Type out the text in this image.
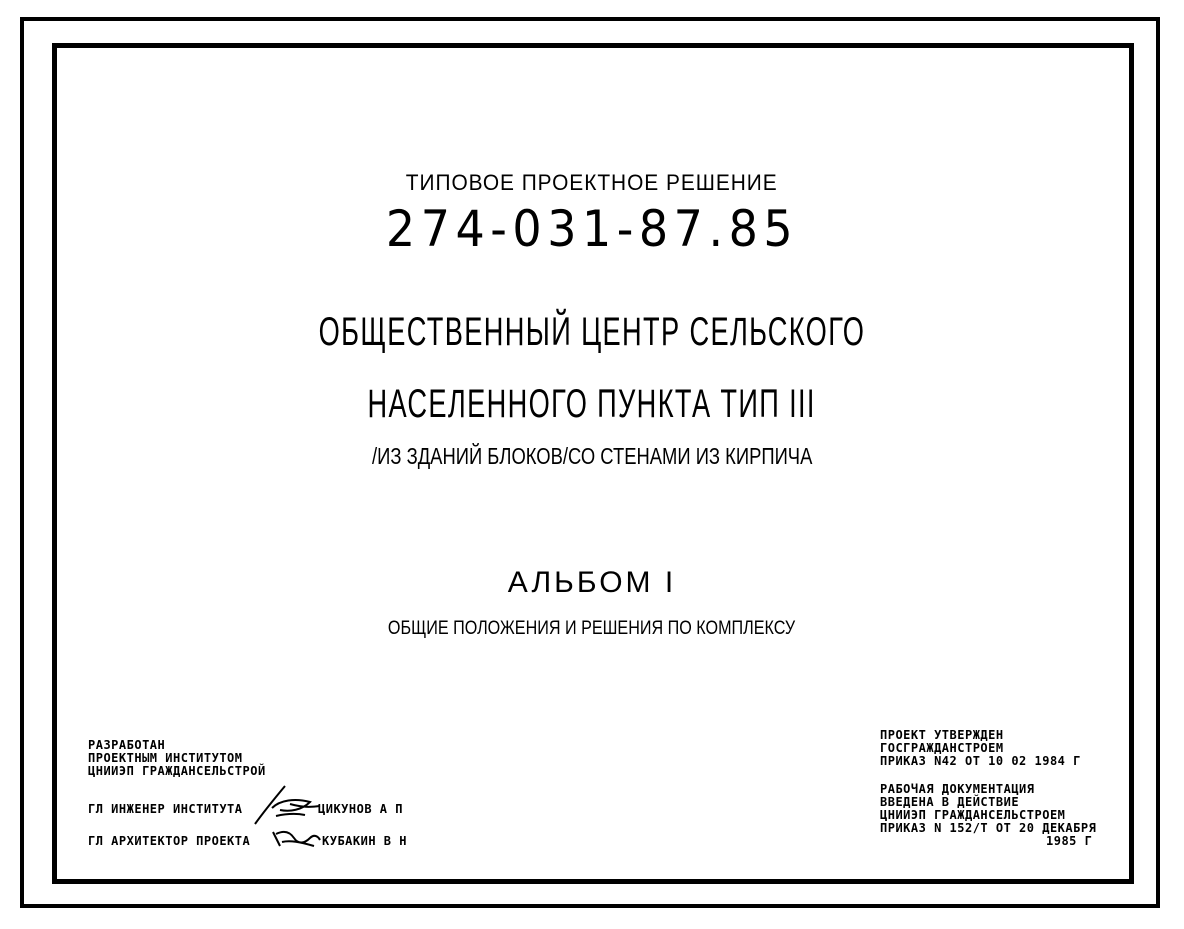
ТИПОВОЕ ПРОЕКТНОЕ РЕШЕНИЕ
274-031-87.85
ОБЩЕСТВЕННЫЙ ЦЕНТР СЕЛЬСКОГО
НАСЕЛЕННОГО ПУНКТА ТИП III
/ИЗ ЗДАНИЙ БЛОКОВ/СО СТЕНАМИ ИЗ КИРПИЧА
АЛЬБОМ I
ОБЩИЕ ПОЛОЖЕНИЯ И РЕШЕНИЯ ПО КОМПЛЕКСУ
РАЗРАБОТАН
ПРОЕКТНЫМ ИНСТИТУТОМ
ЦНИИЭП ГРАЖДАНСЕЛЬСТРОЙ
ГЛ ИНЖЕНЕР ИНСТИТУТА	ЦИКУНОВ А П
ГЛ АРХИТЕКТОР ПРОЕКТА	КУБАКИН В Н
ПРОЕКТ УТВЕРЖДЕН
ГОСГРАЖДАНСТРОЕМ
ПРИКАЗ N42 ОТ 10 02 1984 Г
РАБОЧАЯ ДОКУМЕНТАЦИЯ
ВВЕДЕНА В ДЕЙСТВИЕ
ЦНИИЭП ГРАЖДАНСЕЛЬСТРОЕМ
ПРИКАЗ N 152/Т ОТ 20 ДЕКАБРЯ
1985 Г
